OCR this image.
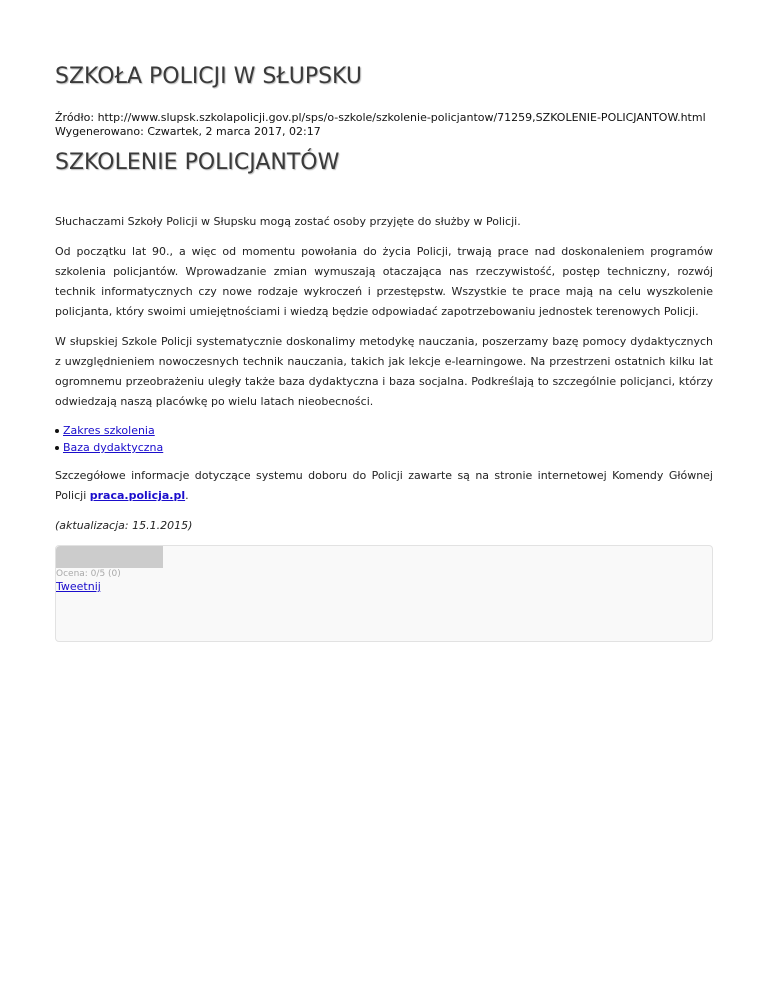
SZKOŁA POLICJI W SŁUPSKU
Źródło: http://www.slupsk.szkolapolicji.gov.pl/sps/o-szkole/szkolenie-policjantow/71259,SZKOLENIE-POLICJANTOW.html
Wygenerowano: Czwartek, 2 marca 2017, 02:17
SZKOLENIE POLICJANTÓW

Słuchaczami Szkoły Policji w Słupsku mogą zostać osoby przyjęte do służby w Policji.

Od początku lat 90., a więc od momentu powołania do życia Policji, trwają prace nad doskonaleniem programów szkolenia policjantów. Wprowadzanie zmian wymuszają otaczająca nas rzeczywistość, postęp techniczny, rozwój technik informatycznych czy nowe rodzaje wykroczeń i przestępstw. Wszystkie te prace mają na celu wyszkolenie policjanta, który swoimi umiejętnościami i wiedzą będzie odpowiadać zapotrzebowaniu jednostek terenowych Policji.

W słupskiej Szkole Policji systematycznie doskonalimy metodykę nauczania, poszerzamy bazę pomocy dydaktycznych z uwzględnieniem nowoczesnych technik nauczania, takich jak lekcje e-learningowe. Na przestrzeni ostatnich kilku lat ogromnemu przeobrażeniu uległy także baza dydaktyczna i baza socjalna. Podkreślają to szczególnie policjanci, którzy odwiedzają naszą placówkę po wielu latach nieobecności.

Zakres szkolenia
Baza dydaktyczna

Szczegółowe informacje dotyczące systemu doboru do Policji zawarte są na stronie internetowej Komendy Głównej Policji praca.policja.pl.

(aktualizacja: 15.1.2015)

Ocena: 0/5 (0)
Tweetnij
